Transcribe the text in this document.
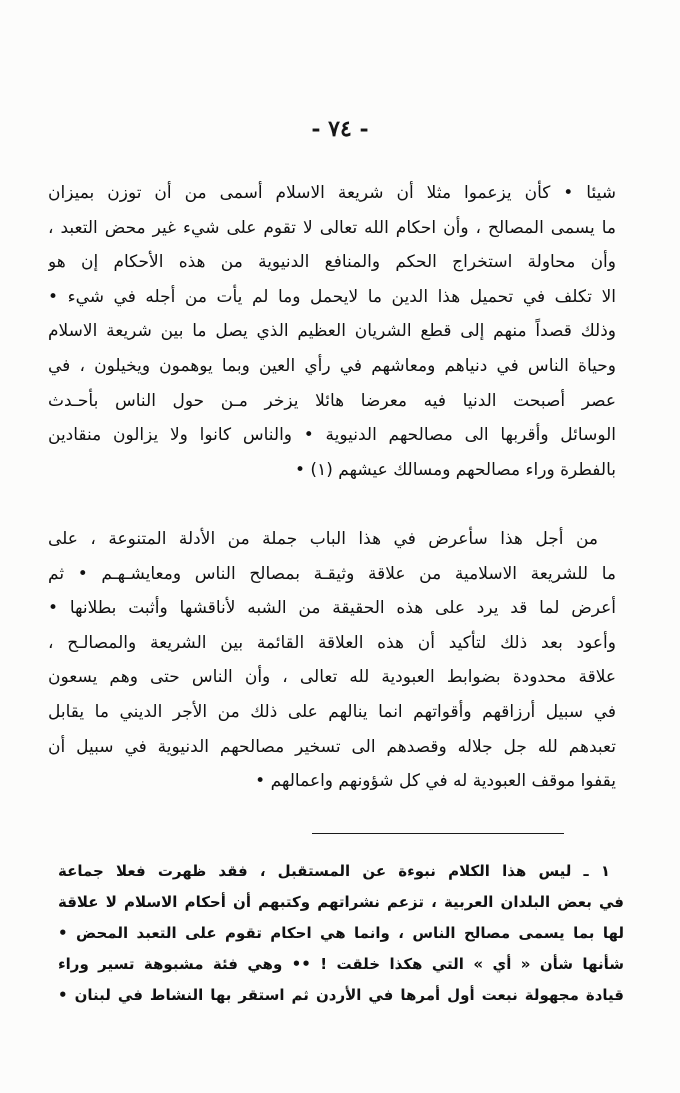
- ٧٤ -
شيئا • كأن يزعموا مثلا أن شريعة الاسلام أسمى من أن توزن بميزان
ما يسمى المصالح ، وأن احكام الله تعالى لا تقوم على شيء غير محض التعبد ،
وأن محاولة استخراج الحكم والمنافع الدنيوية من هذه الأحكام إن هو
الا تكلف في تحميل هذا الدين ما لايحمل وما لم يأت من أجله في شيء •
وذلك قصداً منهم إلى قطع الشريان العظيم الذي يصل ما بين شريعة الاسلام
وحياة الناس في دنياهم ومعاشهم في رأي العين وبما يوهمون ويخيلون ، في
عصر أصبحت الدنيا فيه معرضا هائلا يزخر مـن حول الناس بأحـدث
الوسائل وأقربها الى مصالحهم الدنيوية • والناس كانوا ولا يزالون منقادين
بالفطرة وراء مصالحهم ومسالك عيشهم (١) •
من أجل هذا سأعرض في هذا الباب جملة من الأدلة المتنوعة ، على
ما للشريعة الاسلامية من علاقة وثيقـة بمصالح الناس ومعايشـهـم • ثم
أعرض لما قد يرد على هذه الحقيقة من الشبه لأناقشها وأثبت بطلانها •
وأعود بعد ذلك لتأكيد أن هذه العلاقة القائمة بين الشريعة والمصالـح ،
علاقة محدودة بضوابط العبودية لله تعالى ، وأن الناس حتى وهم يسعون
في سبيل أرزاقهم وأقواتهم انما ينالهم على ذلك من الأجر الديني ما يقابل
تعبدهم لله جل جلاله وقصدهم الى تسخير مصالحهم الدنيوية في سبيل أن
يقفوا موقف العبودية له في كل شؤونهم واعمالهم •
١ ـ ليس هذا الكلام نبوءة عن المستقبل ، فقد ظهرت فعلا جماعة
في بعض البلدان العربية ، تزعم نشراتهم وكتبهم أن أحكام الاسلام لا علاقة
لها بما يسمى مصالح الناس ، وانما هي احكام تقوم على التعبد المحض •
شأنها شأن « أي » التي هكذا خلقت ! •• وهي فئة مشبوهة تسير وراء
قيادة مجهولة نبعت أول أمرها في الأردن ثم استقر بها النشاط في لبنان •
